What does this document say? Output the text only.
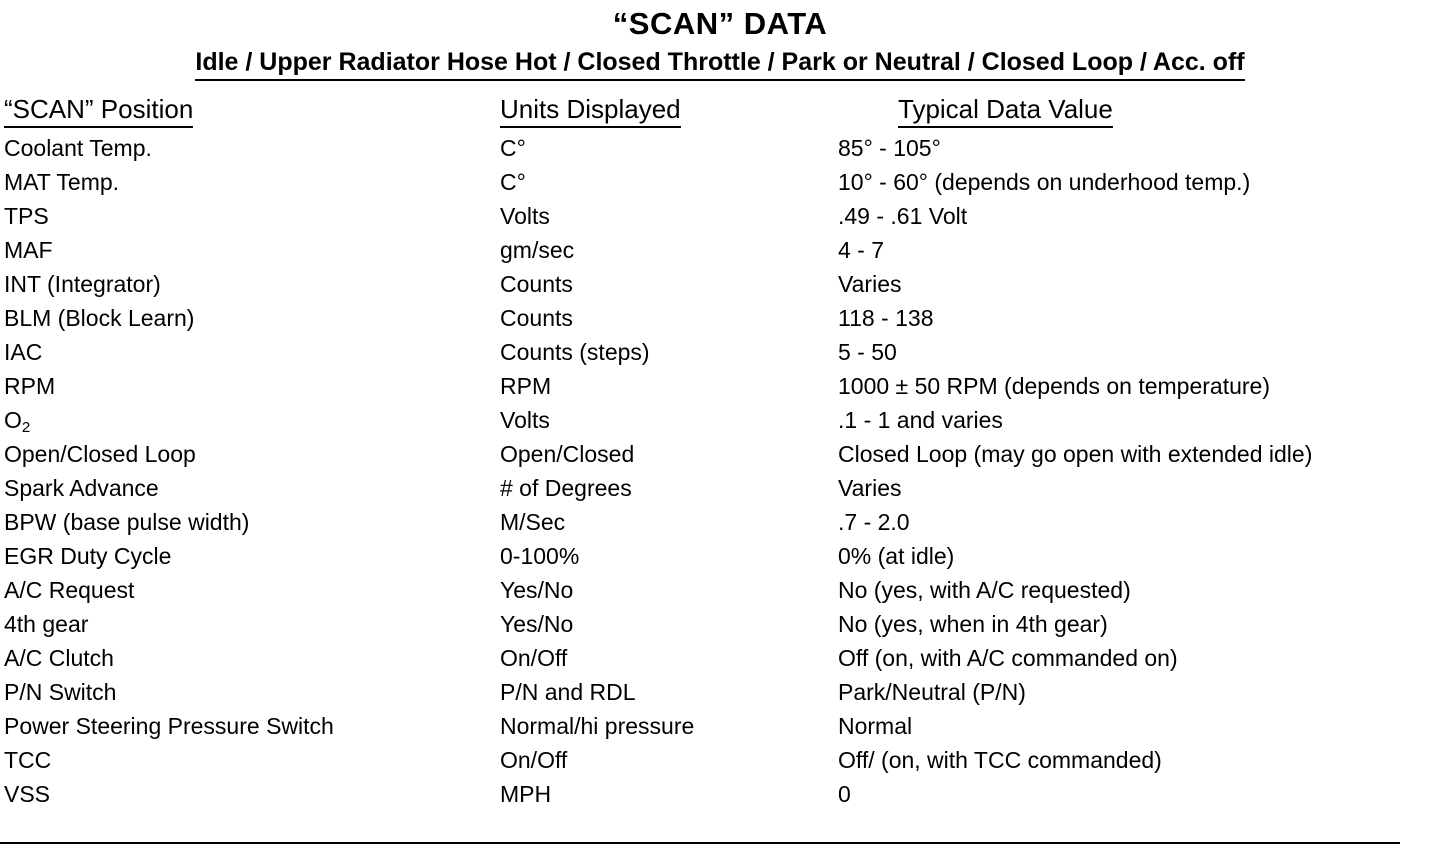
“SCAN” DATA
Idle / Upper Radiator Hose Hot / Closed Throttle / Park or Neutral / Closed Loop / Acc. off
“SCAN” Position	Units Displayed	Typical Data Value
Coolant Temp.	C°	85° - 105°
MAT Temp.	C°	10° - 60° (depends on underhood temp.)
TPS	Volts	.49 - .61 Volt
MAF	gm/sec	4 - 7
INT (Integrator)	Counts	Varies
BLM (Block Learn)	Counts	118 - 138
IAC	Counts (steps)	5 - 50
RPM	RPM	1000 ± 50 RPM (depends on temperature)
$O_2$	Volts	.1 - 1 and varies
Open/Closed Loop	Open/Closed	Closed Loop (may go open with extended idle)
Spark Advance	# of Degrees	Varies
BPW (base pulse width)	M/Sec	.7 - 2.0
EGR Duty Cycle	0-100%	0% (at idle)
A/C Request	Yes/No	No (yes, with A/C requested)
4th gear	Yes/No	No (yes, when in 4th gear)
A/C Clutch	On/Off	Off (on, with A/C commanded on)
P/N Switch	P/N and RDL	Park/Neutral (P/N)
Power Steering Pressure Switch	Normal/hi pressure	Normal
TCC	On/Off	Off/ (on, with TCC commanded)
VSS	MPH	0
